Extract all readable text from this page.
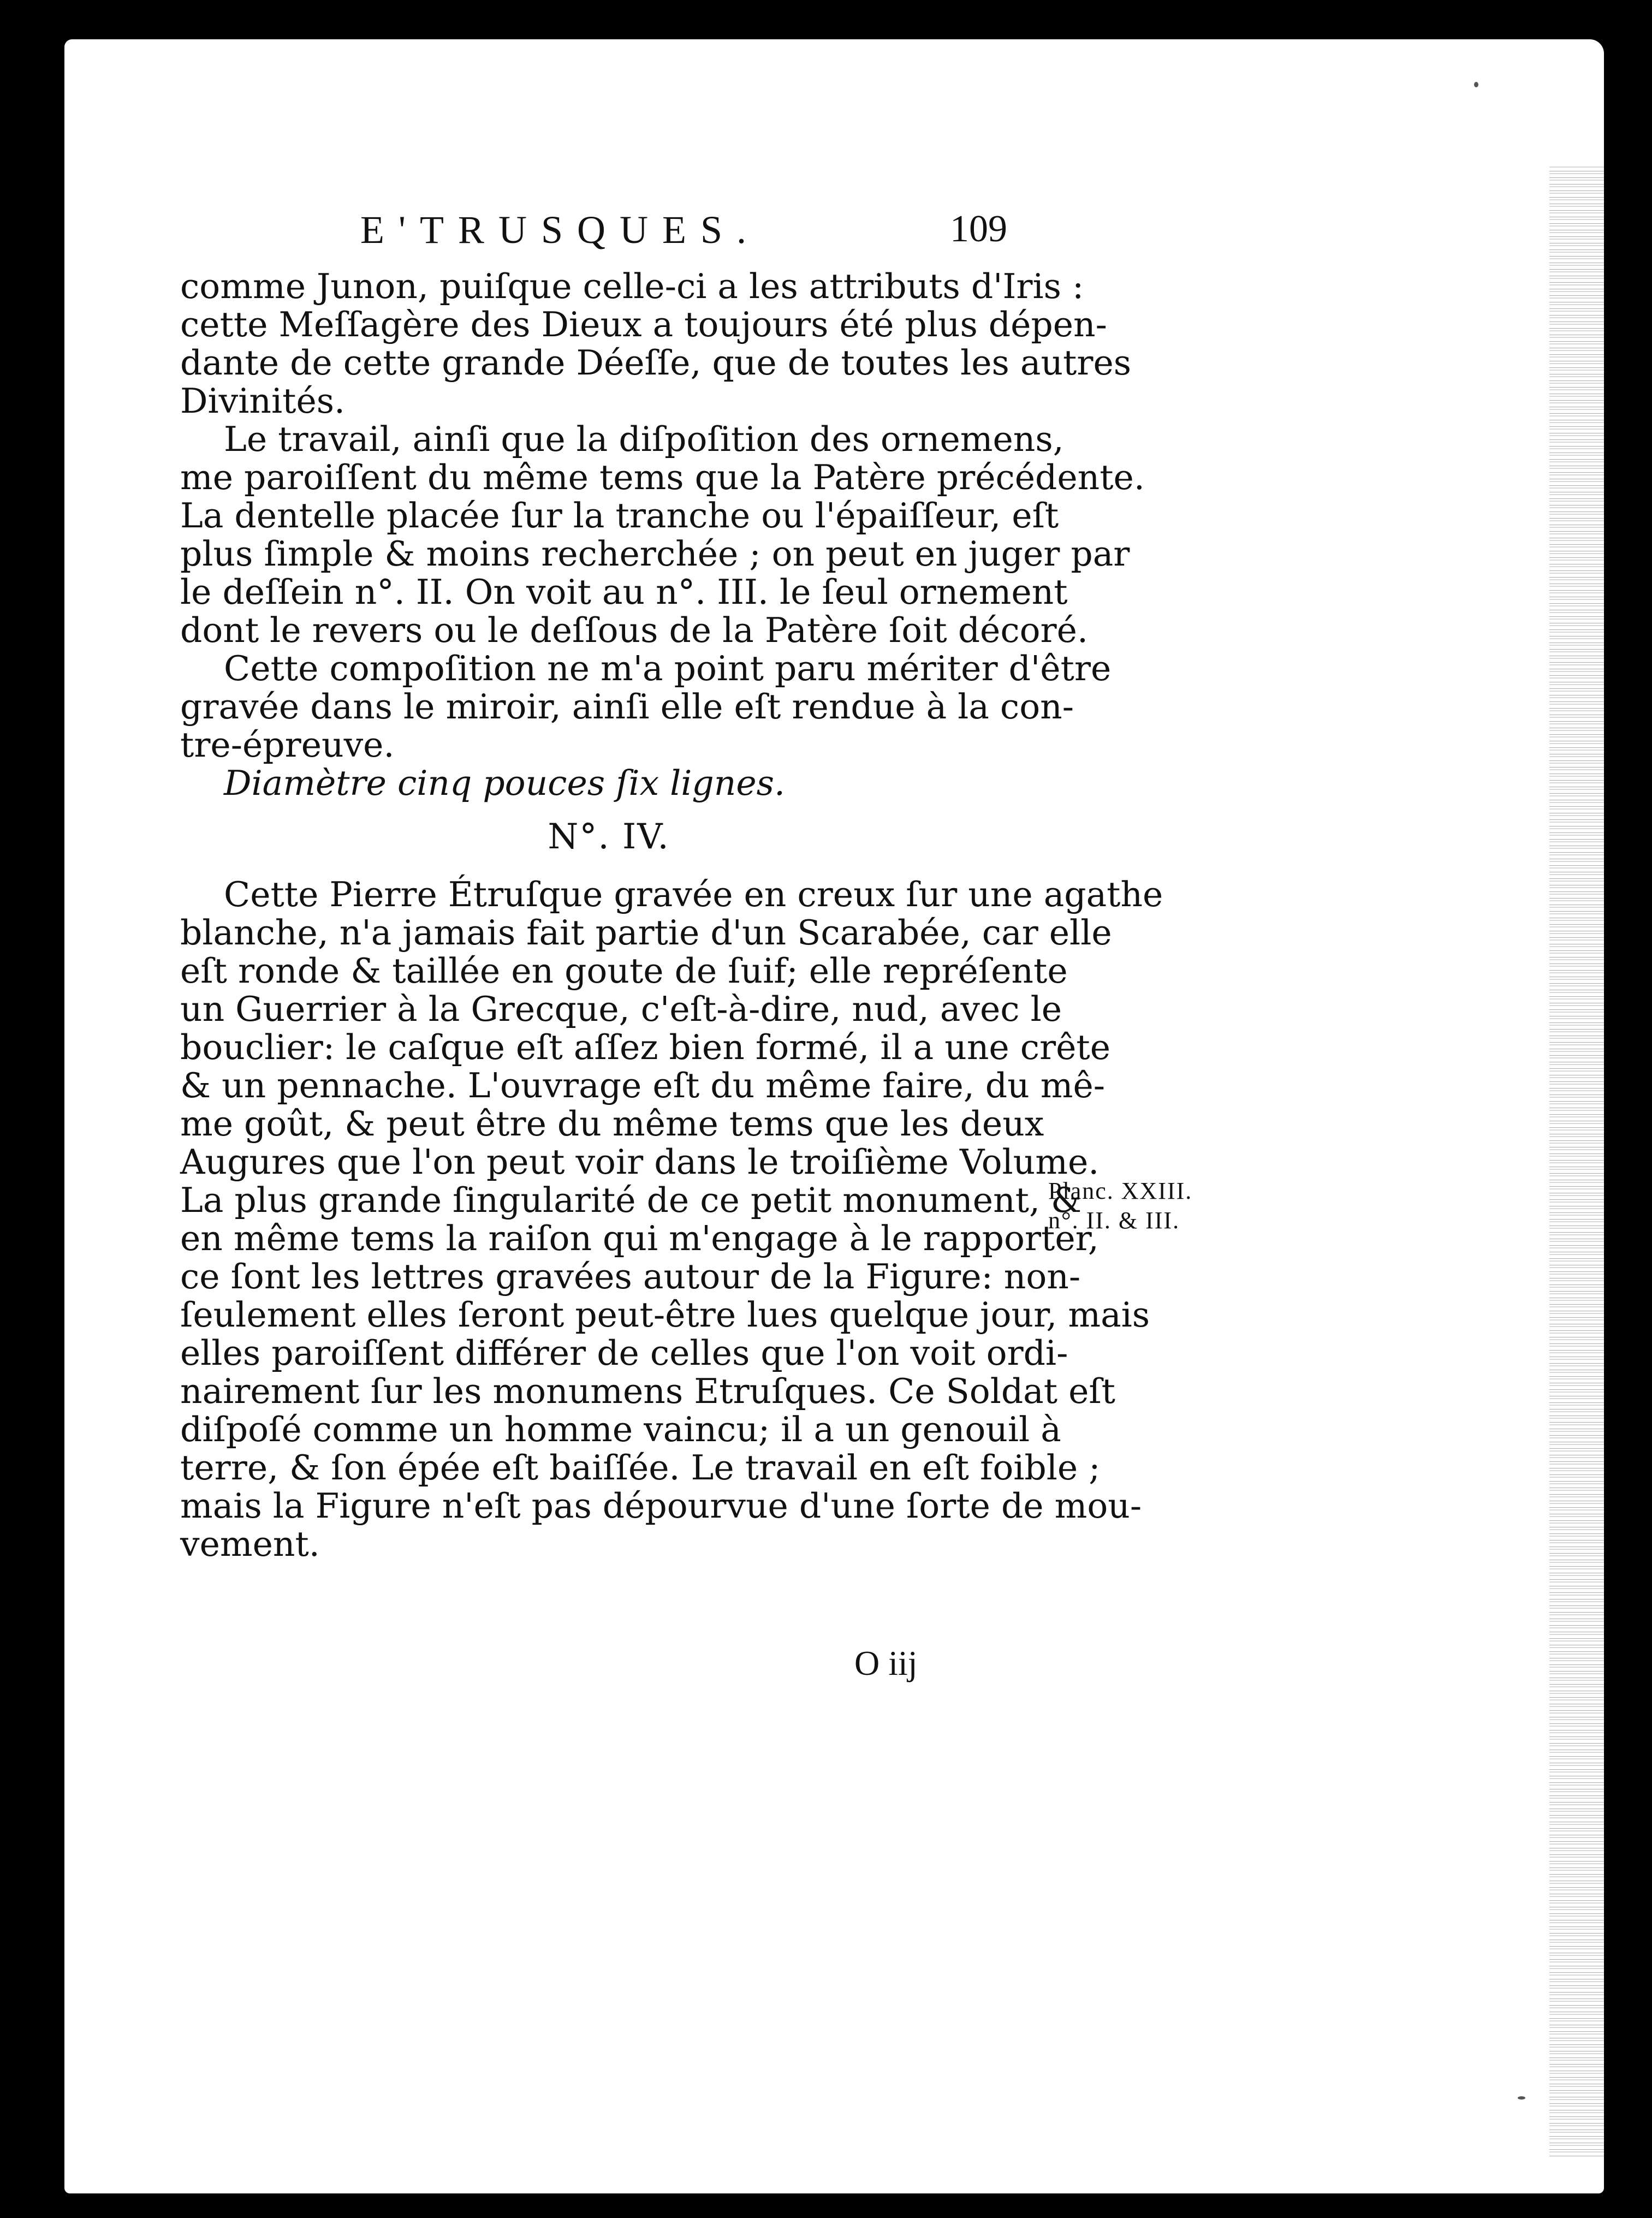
E'TRUSQUES.	109
comme Junon, puiſque celle-ci a les attributs d'Iris :
cette Meſſagère des Dieux a toujours été plus dépen-
dante de cette grande Déeſſe, que de toutes les autres
Divinités.
Le travail, ainſi que la diſpoſition des ornemens,
me paroiſſent du même tems que la Patère précédente.
La dentelle placée ſur la tranche ou l'épaiſſeur, eſt
plus ſimple & moins recherchée ; on peut en juger par
le deſſein n°. II. On voit au n°. III. le ſeul ornement
dont le revers ou le deſſous de la Patère ſoit décoré.
Cette compoſition ne m'a point paru mériter d'être
gravée dans le miroir, ainſi elle eſt rendue à la con-
tre-épreuve.
Diamètre cinq pouces ſix lignes.
N°. IV.
Cette Pierre Étruſque gravée en creux ſur une agathe
blanche, n'a jamais fait partie d'un Scarabée, car elle
eſt ronde & taillée en goute de ſuif; elle repréſente
un Guerrier à la Grecque, c'eſt-à-dire, nud, avec le
bouclier: le caſque eſt aſſez bien formé, il a une crête
& un pennache. L'ouvrage eſt du même faire, du mê-
me goût, & peut être du même tems que les deux
Augures que l'on peut voir dans le troiſième Volume.
La plus grande ſingularité de ce petit monument, &
en même tems la raiſon qui m'engage à le rapporter,
ce ſont les lettres gravées autour de la Figure: non-
ſeulement elles ſeront peut-être lues quelque jour, mais
elles paroiſſent différer de celles que l'on voit ordi-
nairement ſur les monumens Etruſques. Ce Soldat eſt
diſpoſé comme un homme vaincu; il a un genouil à
terre, & ſon épée eſt baiſſée. Le travail en eſt foible ;
mais la Figure n'eſt pas dépourvue d'une ſorte de mou-
vement.
Planc. XXIII.
n°. II. & III.
O iij
